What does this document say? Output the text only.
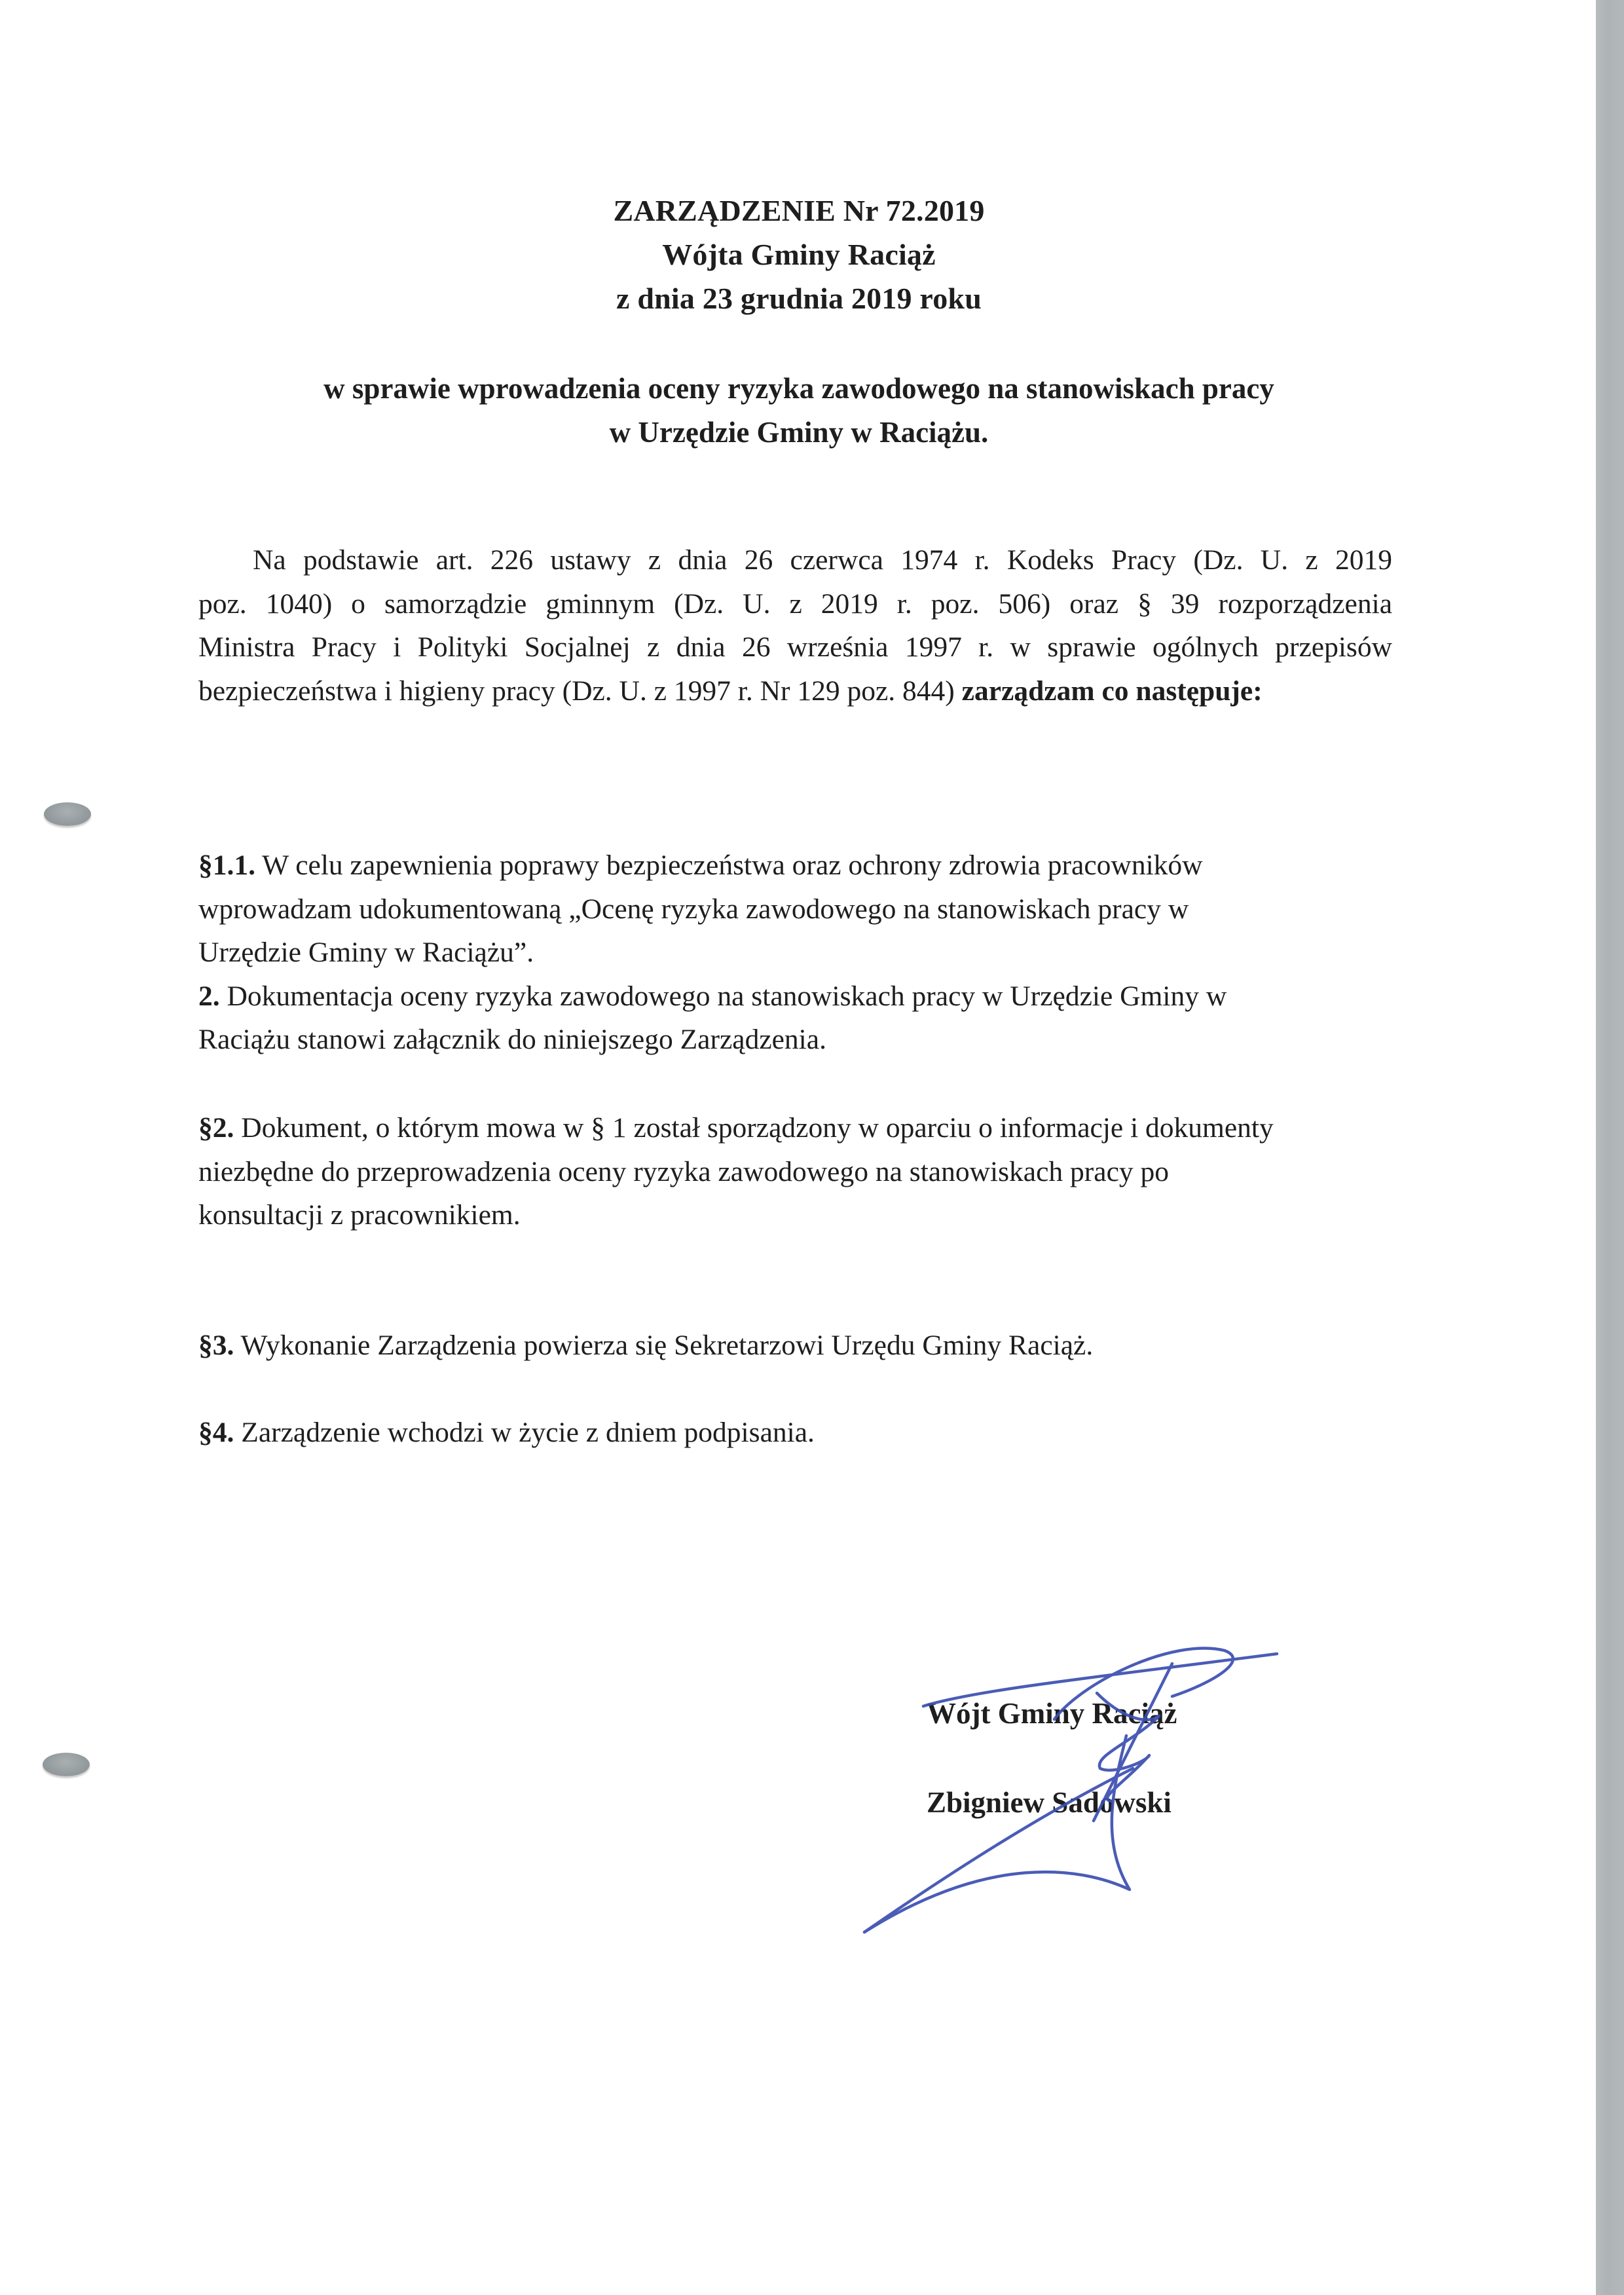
ZARZĄDZENIE Nr 72.2019
Wójta Gminy Raciąż
z dnia 23 grudnia 2019 roku
w sprawie wprowadzenia oceny ryzyka zawodowego na stanowiskach pracy
w Urzędzie Gminy w Raciążu.
Na podstawie art. 226 ustawy z dnia 26 czerwca 1974 r. Kodeks Pracy (Dz. U. z 2019
poz. 1040) o samorządzie gminnym (Dz. U. z 2019 r. poz. 506) oraz § 39 rozporządzenia
Ministra Pracy i Polityki Socjalnej z dnia 26 września 1997 r. w sprawie ogólnych przepisów
bezpieczeństwa i higieny pracy (Dz. U. z 1997 r. Nr 129 poz. 844) zarządzam co następuje:
§1.1. W celu zapewnienia poprawy bezpieczeństwa oraz ochrony zdrowia pracowników
wprowadzam udokumentowaną „Ocenę ryzyka zawodowego na stanowiskach pracy w
Urzędzie Gminy w Raciążu”.
2. Dokumentacja oceny ryzyka zawodowego na stanowiskach pracy w Urzędzie Gminy w
Raciążu stanowi załącznik do niniejszego Zarządzenia.
§2. Dokument, o którym mowa w § 1 został sporządzony w oparciu o informacje i dokumenty
niezbędne do przeprowadzenia oceny ryzyka zawodowego na stanowiskach pracy po
konsultacji z pracownikiem.
§3. Wykonanie Zarządzenia powierza się Sekretarzowi Urzędu Gminy Raciąż.
§4. Zarządzenie wchodzi w życie z dniem podpisania.
Wójt Gminy Raciąż
Zbigniew Sadowski
